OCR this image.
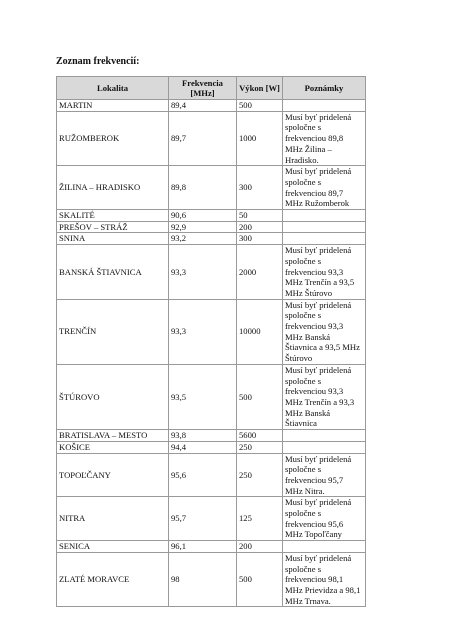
Zoznam frekvencií:
Lokalita	Frekvencia [MHz]	Výkon [W]	Poznámky
MARTIN	89,4	500	
RUŽOMBEROK	89,7	1000	Musí byť pridelená spoločne s frekvenciou 89,8 MHz Žilina – Hradisko.
ŽILINA – HRADISKO	89,8	300	Musí byť pridelená spoločne s frekvenciou 89,7 MHz Ružomberok
SKALITÉ	90,6	50	
PREŠOV – STRÁŽ	92,9	200	
SNINA	93,2	300	
BANSKÁ ŠTIAVNICA	93,3	2000	Musí byť pridelená spoločne s frekvenciou 93,3 MHz Trenčín a 93,5 MHz Štúrovo
TRENČÍN	93,3	10000	Musí byť pridelená spoločne s frekvenciou 93,3 MHz Banská Štiavnica a 93,5 MHz Štúrovo
ŠTÚROVO	93,5	500	Musí byť pridelená spoločne s frekvenciou 93,3 MHz Trenčín a 93,3 MHz Banská Štiavnica
BRATISLAVA – MESTO	93,8	5600	
KOŠICE	94,4	250	
TOPOĽČANY	95,6	250	Musí byť pridelená spoločne s frekvenciou 95,7 MHz Nitra.
NITRA	95,7	125	Musí byť pridelená spoločne s frekvenciou 95,6 MHz Topoľčany
SENICA	96,1	200	
ZLATÉ MORAVCE	98	500	Musí byť pridelená spoločne s frekvenciou 98,1 MHz Prievidza a 98,1 MHz Trnava.
